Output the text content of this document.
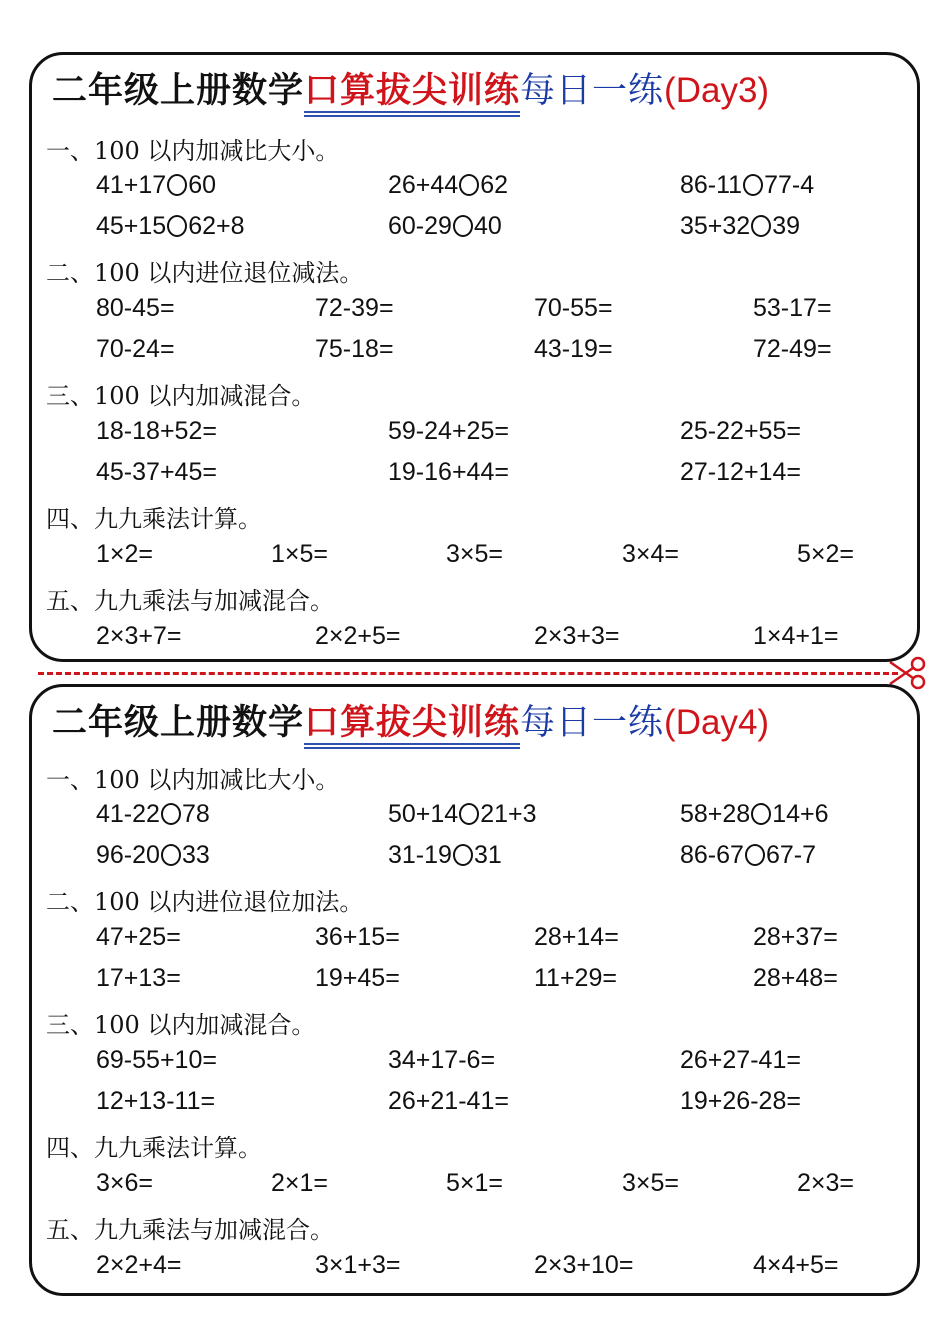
二年级上册数学口算拔尖训练每日一练(Day3)
一、100 以内加减比大小。
41+17 60	26+44 62	86-11 77-4
45+15 62+8	60-29 40	35+32 39
二、100 以内进位退位减法。
80-45=	72-39=	70-55=	53-17=
70-24=	75-18=	43-19=	72-49=
三、100 以内加减混合。
18-18+52=	59-24+25=	25-22+55=
45-37+45=	19-16+44=	27-12+14=
四、九九乘法计算。
1×2=	1×5=	3×5=	3×4=	5×2=
五、九九乘法与加减混合。
2×3+7=	2×2+5=	2×3+3=	1×4+1=
二年级上册数学口算拔尖训练每日一练(Day4)
一、100 以内加减比大小。
41-22 78	50+14 21+3	58+28 14+6
96-20 33	31-19 31	86-67 67-7
二、100 以内进位退位加法。
47+25=	36+15=	28+14=	28+37=
17+13=	19+45=	11+29=	28+48=
三、100 以内加减混合。
69-55+10=	34+17-6=	26+27-41=
12+13-11=	26+21-41=	19+26-28=
四、九九乘法计算。
3×6=	2×1=	5×1=	3×5=	2×3=
五、九九乘法与加减混合。
2×2+4=	3×1+3=	2×3+10=	4×4+5=
